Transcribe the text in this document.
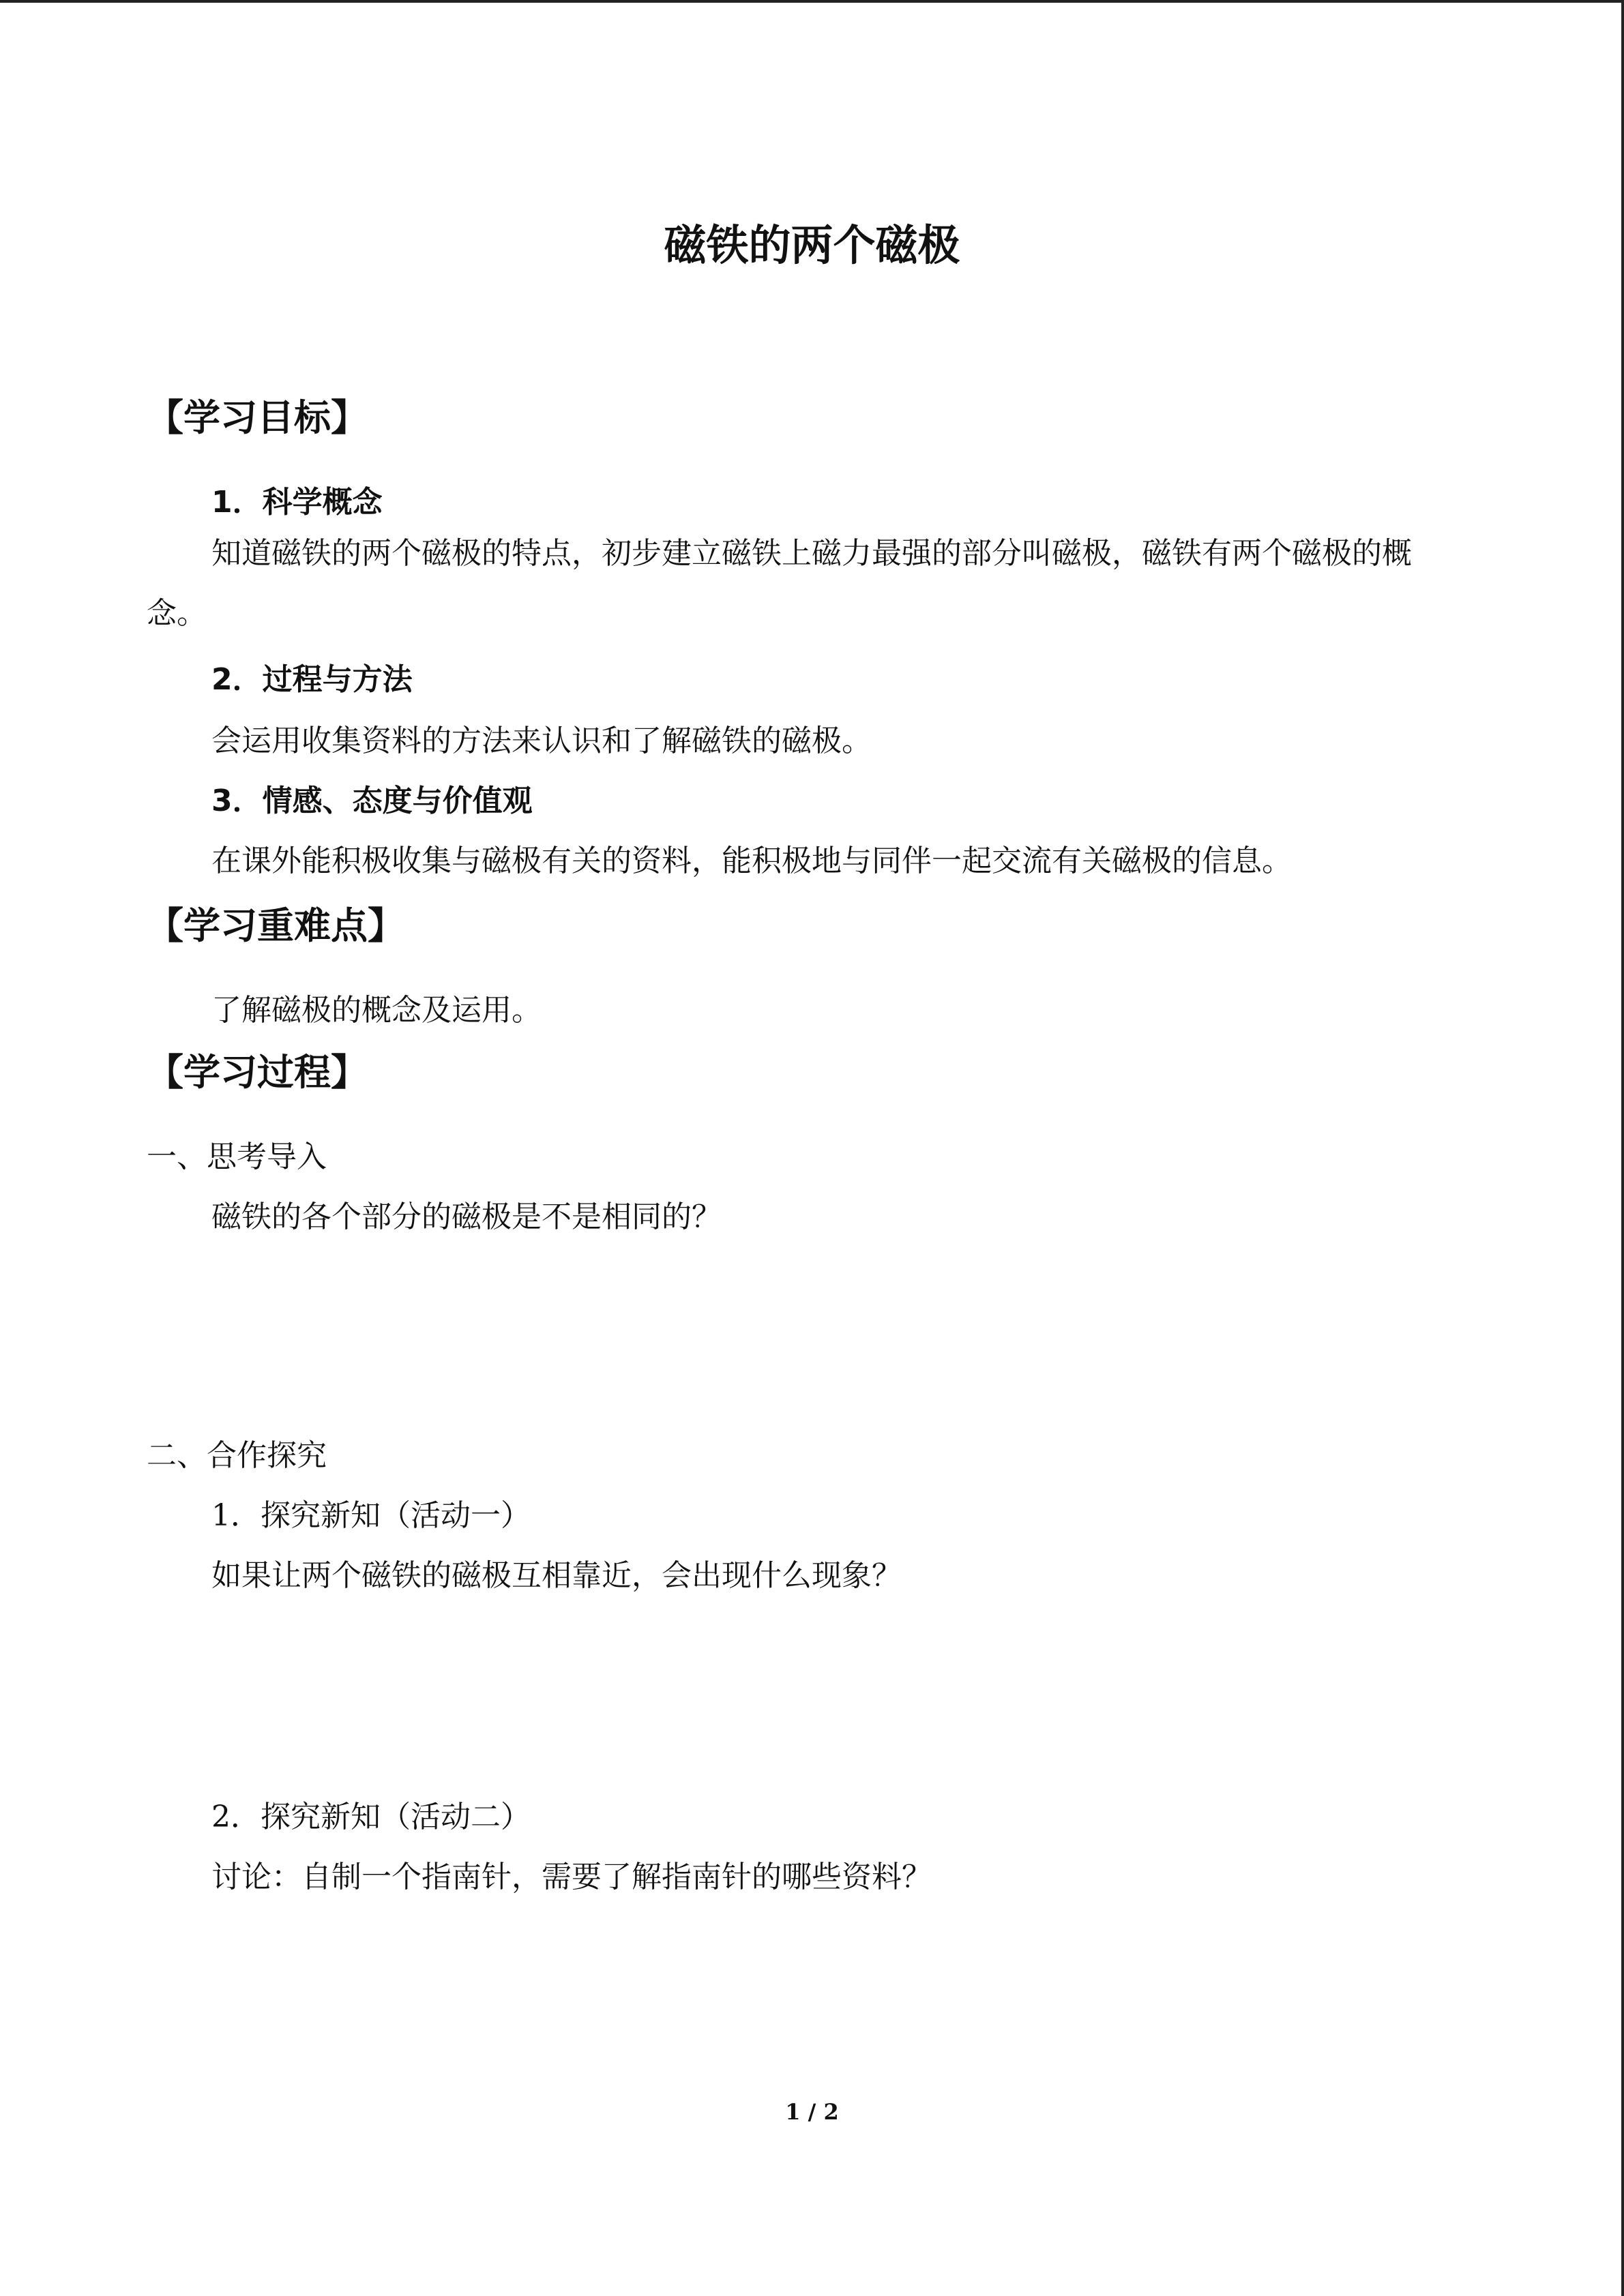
磁铁的两个磁极
【学习目标】
1．科学概念
知道磁铁的两个磁极的特点，初步建立磁铁上磁力最强的部分叫磁极，磁铁有两个磁极的概念。
2．过程与方法
会运用收集资料的方法来认识和了解磁铁的磁极。
3．情感、态度与价值观
在课外能积极收集与磁极有关的资料，能积极地与同伴一起交流有关磁极的信息。
【学习重难点】
了解磁极的概念及运用。
【学习过程】
一、思考导入
磁铁的各个部分的磁极是不是相同的？
二、合作探究
1．探究新知（活动一）
如果让两个磁铁的磁极互相靠近，会出现什么现象？
2．探究新知（活动二）
讨论：自制一个指南针，需要了解指南针的哪些资料？
1 / 2
